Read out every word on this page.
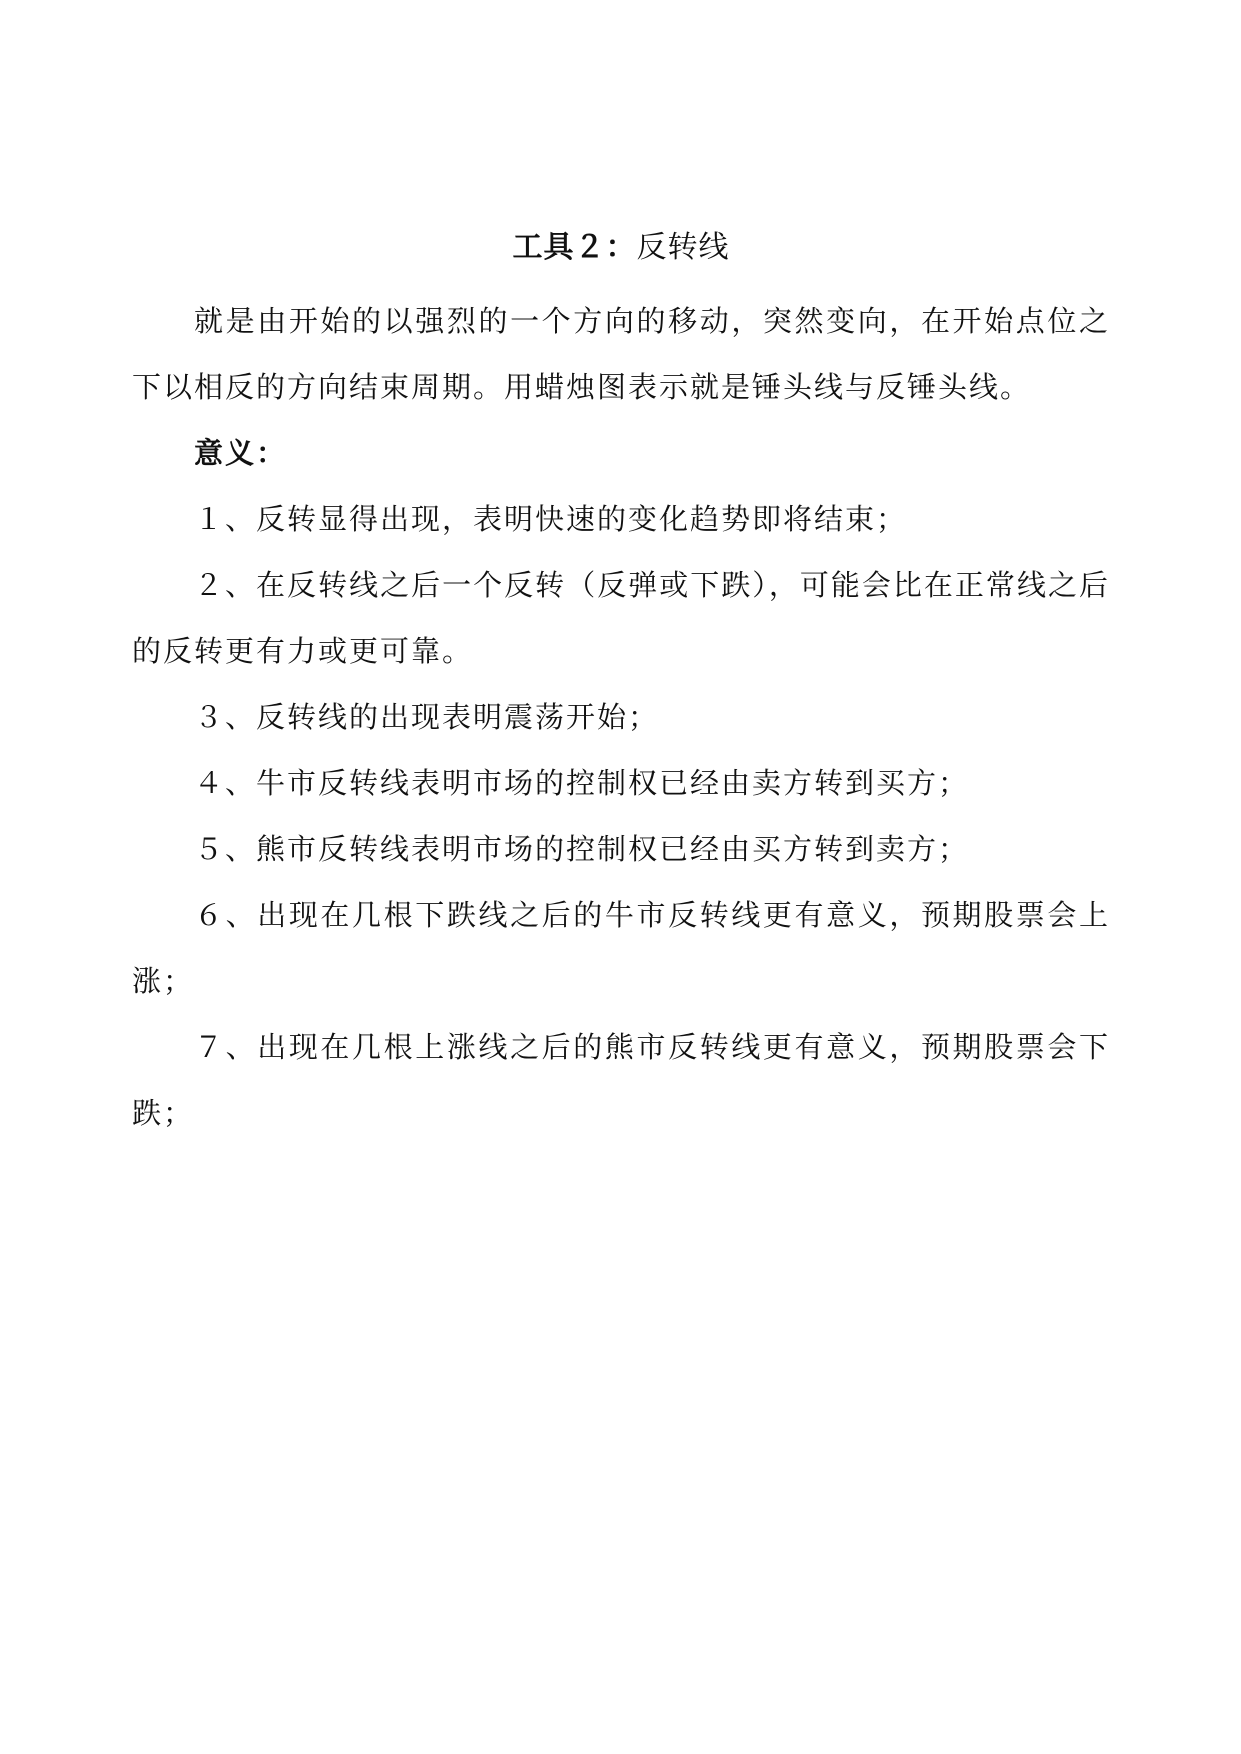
工具２：反转线

就是由开始的以强烈的一个方向的移动，突然变向，在开始点位之下以相反的方向结束周期。用蜡烛图表示就是锤头线与反锤头线。

意义：

１、反转显得出现，表明快速的变化趋势即将结束；

２、在反转线之后一个反转（反弹或下跌），可能会比在正常线之后的反转更有力或更可靠。

３、反转线的出现表明震荡开始；

４、牛市反转线表明市场的控制权已经由卖方转到买方；

５、熊市反转线表明市场的控制权已经由买方转到卖方；

６、出现在几根下跌线之后的牛市反转线更有意义，预期股票会上涨；

７、出现在几根上涨线之后的熊市反转线更有意义，预期股票会下跌；
